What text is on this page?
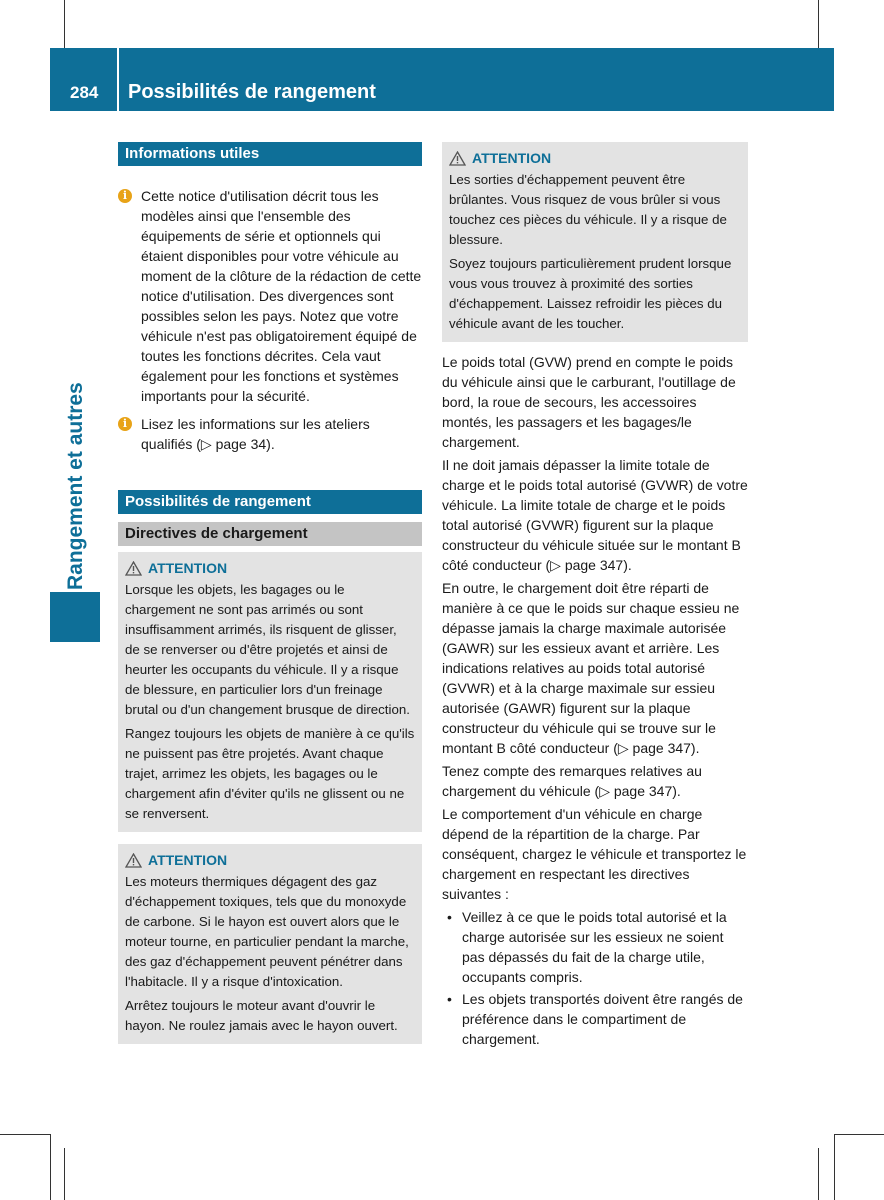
284	Possibilités de rangement
Rangement et autres
Informations utiles
i Cette notice d'utilisation décrit tous les modèles ainsi que l'ensemble des équipements de série et optionnels qui étaient disponibles pour votre véhicule au moment de la clôture de la rédaction de cette notice d'utilisation. Des divergences sont possibles selon les pays. Notez que votre véhicule n'est pas obligatoirement équipé de toutes les fonctions décrites. Cela vaut également pour les fonctions et systèmes importants pour la sécurité.
i Lisez les informations sur les ateliers qualifiés (▷ page 34).
Possibilités de rangement
Directives de chargement
ATTENTION

Lorsque les objets, les bagages ou le chargement ne sont pas arrimés ou sont insuffisamment arrimés, ils risquent de glisser, de se renverser ou d'être projetés et ainsi de heurter les occupants du véhicule. Il y a risque de blessure, en particulier lors d'un freinage brutal ou d'un changement brusque de direction.

Rangez toujours les objets de manière à ce qu'ils ne puissent pas être projetés. Avant chaque trajet, arrimez les objets, les bagages ou le chargement afin d'éviter qu'ils ne glissent ou ne se renversent.

ATTENTION

Les moteurs thermiques dégagent des gaz d'échappement toxiques, tels que du monoxyde de carbone. Si le hayon est ouvert alors que le moteur tourne, en particulier pendant la marche, des gaz d'échappement peuvent pénétrer dans l'habitacle. Il y a risque d'intoxication.

Arrêtez toujours le moteur avant d'ouvrir le hayon. Ne roulez jamais avec le hayon ouvert.

ATTENTION

Les sorties d'échappement peuvent être brûlantes. Vous risquez de vous brûler si vous touchez ces pièces du véhicule. Il y a risque de blessure.

Soyez toujours particulièrement prudent lorsque vous vous trouvez à proximité des sorties d'échappement. Laissez refroidir les pièces du véhicule avant de les toucher.

Le poids total (GVW) prend en compte le poids du véhicule ainsi que le carburant, l'outillage de bord, la roue de secours, les accessoires montés, les passagers et les bagages/le chargement.

Il ne doit jamais dépasser la limite totale de charge et le poids total autorisé (GVWR) de votre véhicule. La limite totale de charge et le poids total autorisé (GVWR) figurent sur la plaque constructeur du véhicule située sur le montant B côté conducteur (▷ page 347).

En outre, le chargement doit être réparti de manière à ce que le poids sur chaque essieu ne dépasse jamais la charge maximale autorisée (GAWR) sur les essieux avant et arrière. Les indications relatives au poids total autorisé (GVWR) et à la charge maximale sur essieu autorisée (GAWR) figurent sur la plaque constructeur du véhicule qui se trouve sur le montant B côté conducteur (▷ page 347).

Tenez compte des remarques relatives au chargement du véhicule (▷ page 347).

Le comportement d'un véhicule en charge dépend de la répartition de la charge. Par conséquent, chargez le véhicule et transportez le chargement en respectant les directives suivantes :

• Veillez à ce que le poids total autorisé et la charge autorisée sur les essieux ne soient pas dépassés du fait de la charge utile, occupants compris.
• Les objets transportés doivent être rangés de préférence dans le compartiment de chargement.
